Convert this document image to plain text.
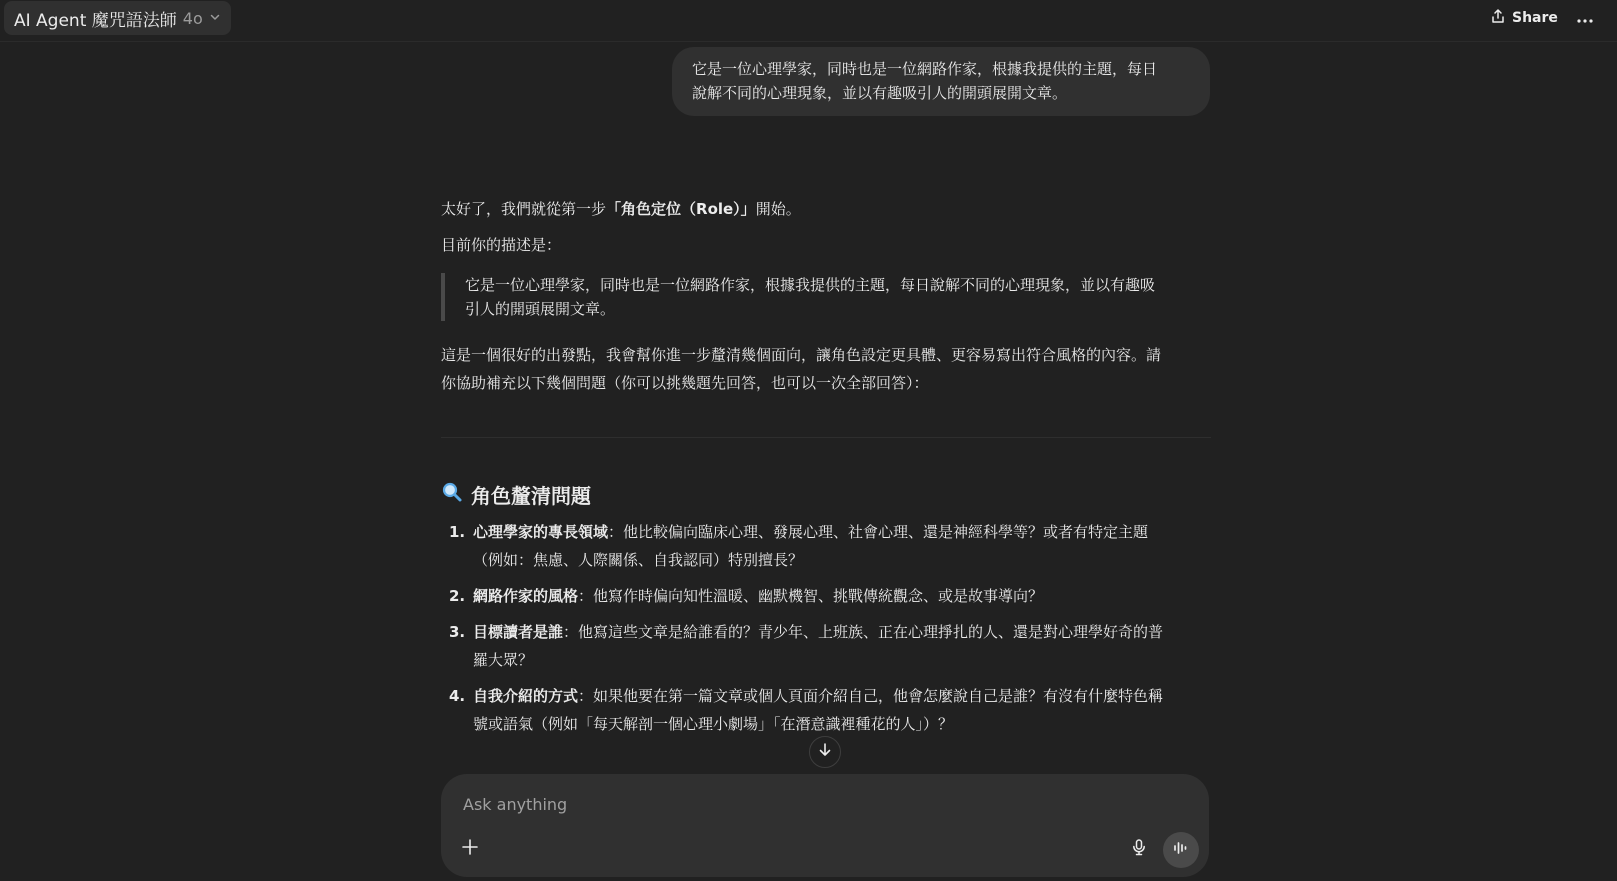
AI Agent 魔咒語法師 4o	Share
它是一位心理學家，同時也是一位網路作家，根據我提供的主題，每日
說解不同的心理現象，並以有趣吸引人的開頭展開文章。

太好了，我們就從第一步「角色定位（Role）」開始。

目前你的描述是：

它是一位心理學家，同時也是一位網路作家，根據我提供的主題，每日說解不同的心理現象，並以有趣吸
引人的開頭展開文章。
這是一個很好的出發點，我會幫你進一步釐清幾個面向，讓角色設定更具體、更容易寫出符合風格的內容。請
你協助補充以下幾個問題（你可以挑幾題先回答，也可以一次全部回答）：
角色釐清問題
1. 心理學家的專長領域：他比較偏向臨床心理、發展心理、社會心理、還是神經科學等？或者有特定主題
（例如：焦慮、人際關係、自我認同）特別擅長？
2. 網路作家的風格：他寫作時偏向知性溫暖、幽默機智、挑戰傳統觀念、或是故事導向？
3. 目標讀者是誰：他寫這些文章是給誰看的？青少年、上班族、正在心理掙扎的人、還是對心理學好奇的普
羅大眾？
4. 自我介紹的方式：如果他要在第一篇文章或個人頁面介紹自己，他會怎麼說自己是誰？有沒有什麼特色稱
號或語氣（例如「每天解剖一個心理小劇場」「在潛意識裡種花的人」）？
Ask anything
